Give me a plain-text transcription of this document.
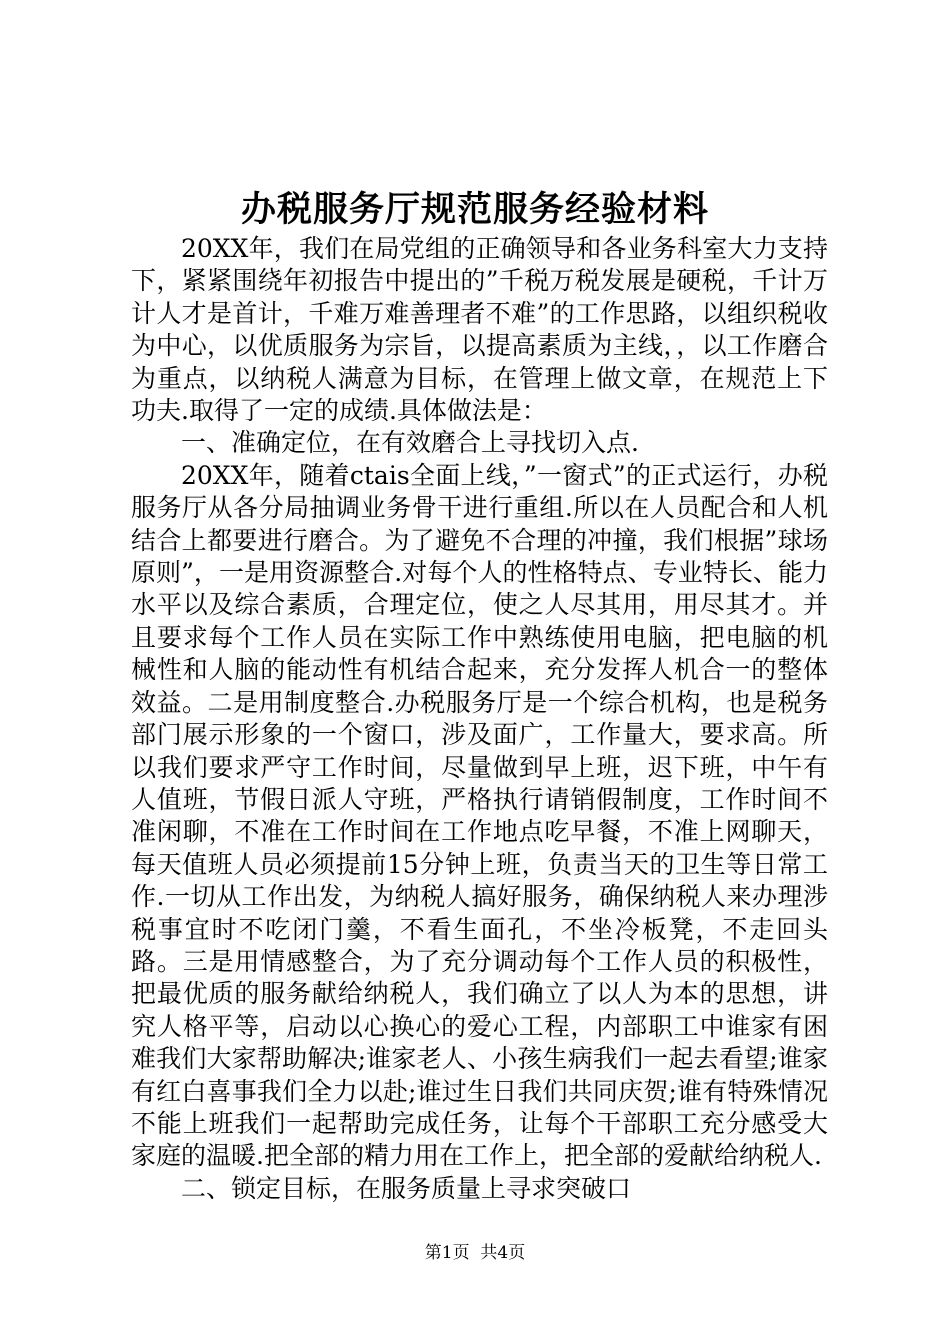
办税服务厅规范服务经验材料

20XX年，我们在局党组的正确领导和各业务科室大力支持下，紧紧围绕年初报告中提出的”千税万税发展是硬税，千计万计人才是首计，千难万难善理者不难”的工作思路，以组织税收为中心，以优质服务为宗旨，以提高素质为主线，，以工作磨合为重点，以纳税人满意为目标，在管理上做文章，在规范上下功夫.取得了一定的成绩.具体做法是：

一、准确定位，在有效磨合上寻找切入点.

20XX年，随着ctais全面上线，”一窗式”的正式运行，办税服务厅从各分局抽调业务骨干进行重组.所以在人员配合和人机结合上都要进行磨合。为了避免不合理的冲撞，我们根据”球场原则”，一是用资源整合.对每个人的性格特点、专业特长、能力水平以及综合素质，合理定位，使之人尽其用，用尽其才。并且要求每个工作人员在实际工作中熟练使用电脑，把电脑的机械性和人脑的能动性有机结合起来，充分发挥人机合一的整体效益。二是用制度整合.办税服务厅是一个综合机构，也是税务部门展示形象的一个窗口，涉及面广，工作量大，要求高。所以我们要求严守工作时间，尽量做到早上班，迟下班，中午有人值班，节假日派人守班，严格执行请销假制度，工作时间不准闲聊，不准在工作时间在工作地点吃早餐，不准上网聊天，每天值班人员必须提前15分钟上班，负责当天的卫生等日常工作.一切从工作出发，为纳税人搞好服务，确保纳税人来办理涉税事宜时不吃闭门羹，不看生面孔，不坐冷板凳，不走回头路。三是用情感整合，为了充分调动每个工作人员的积极性，把最优质的服务献给纳税人，我们确立了以人为本的思想，讲究人格平等，启动以心换心的爱心工程，内部职工中谁家有困难我们大家帮助解决;谁家老人、小孩生病我们一起去看望;谁家有红白喜事我们全力以赴;谁过生日我们共同庆贺;谁有特殊情况不能上班我们一起帮助完成任务，让每个干部职工充分感受大家庭的温暖.把全部的精力用在工作上，把全部的爱献给纳税人.

二、锁定目标，在服务质量上寻求突破口

第1页 共4页
